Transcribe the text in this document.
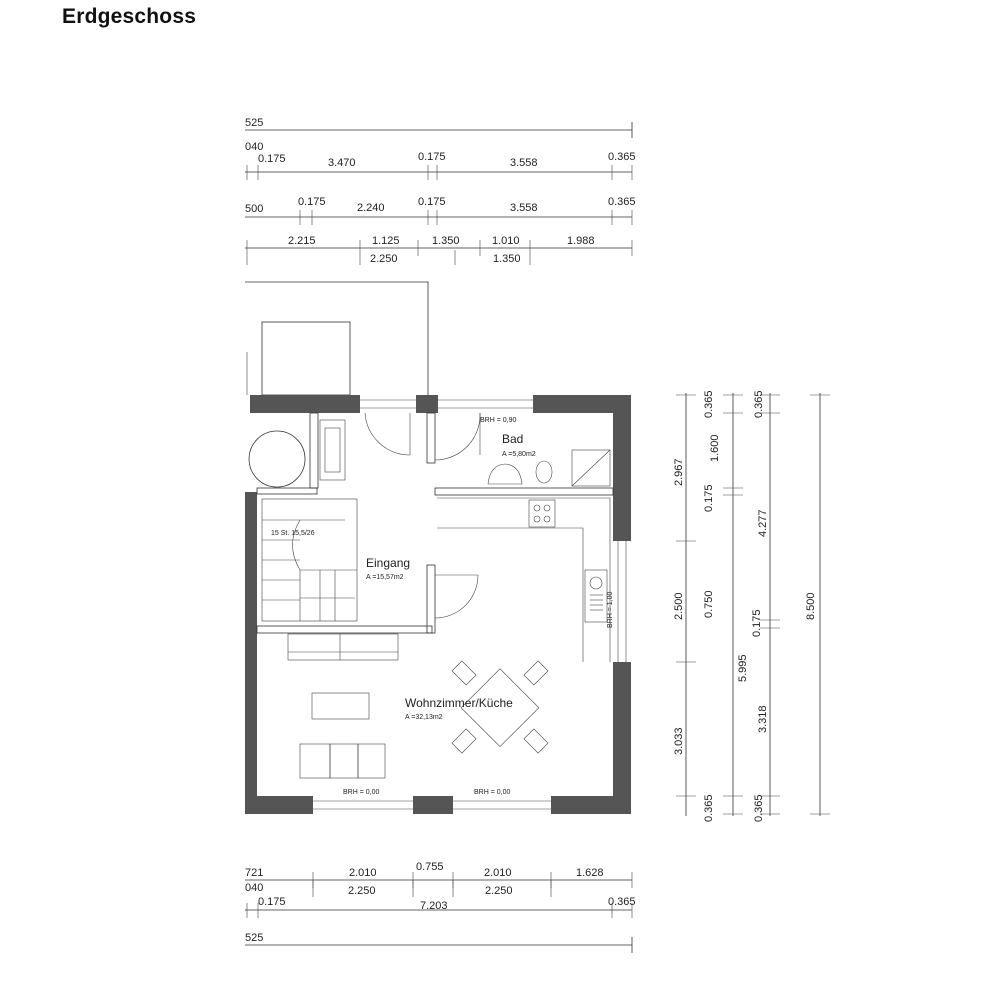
Erdgeschoss
525
040
0.175	3.470	0.175	3.558	0.365
500
0.175	2.240	0.175	3.558	0.365
2.215	1.125	1.350	1.010	1.988
2.250	1.350
BRH = 0,90
Bad
A =5,80m2
15 St. 15,5/26
Eingang
A =15,57m2
Wohnzimmer/Küche
A =32,13m2
BRH = 1,00
BRH = 0,00	BRH = 0,00
0.365
2.967
2.500
3.033
0.365
0.365
1.600
0.175
0.750
5.995
0.365
4.277
0.175
3.318
8.500
721	2.010	0.755	2.010	1.628
040	2.250	2.250
0.175	7.203	0.365
525
